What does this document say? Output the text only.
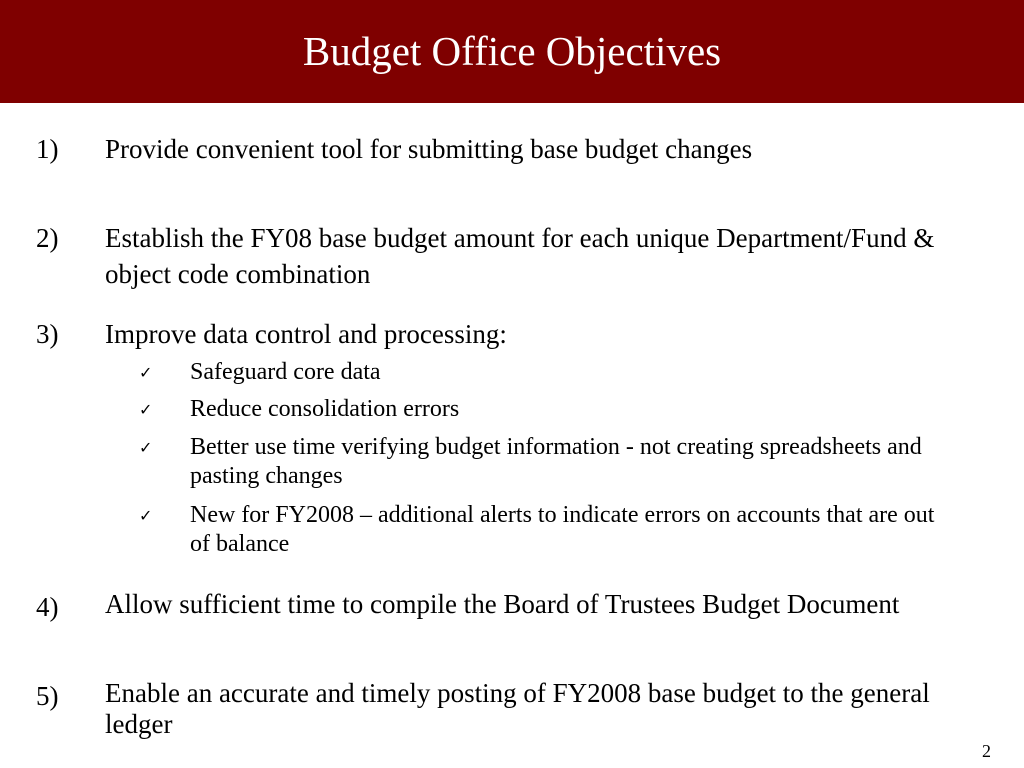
Budget Office Objectives
1) Provide convenient tool for submitting base budget changes
2) Establish the FY08 base budget amount for each unique Department/Fund & object code combination
3) Improve data control and processing:
✓ Safeguard core data
✓ Reduce consolidation errors
✓ Better use time verifying budget information - not creating spreadsheets and pasting changes
✓ New for FY2008 – additional alerts to indicate errors on accounts that are out of balance
4) Allow sufficient time to compile the Board of Trustees Budget Document
5) Enable an accurate and timely posting of FY2008 base budget to the general ledger
2
